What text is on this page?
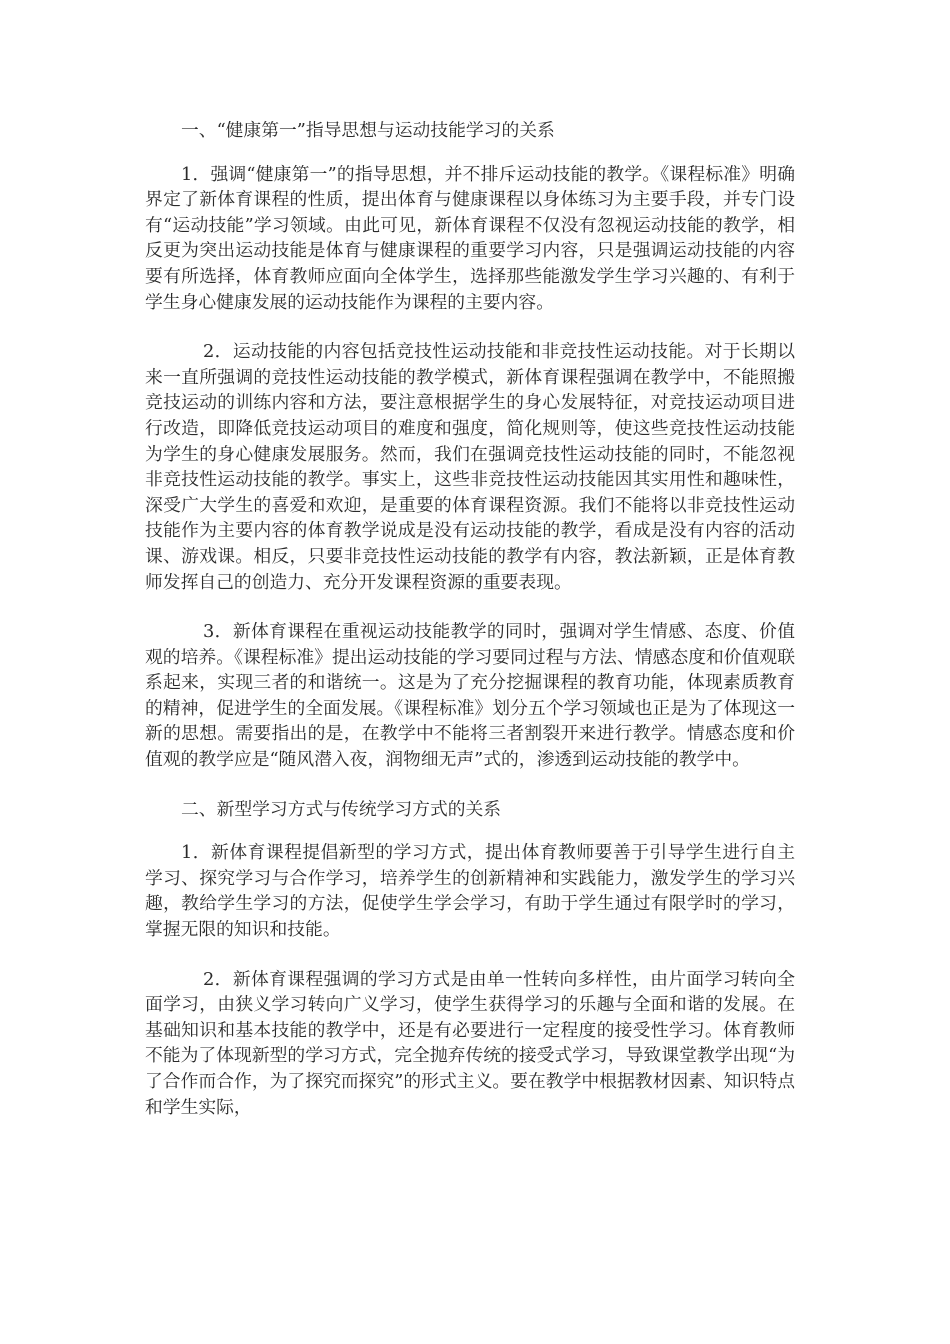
一、“健康第一”指导思想与运动技能学习的关系

1．强调“健康第一”的指导思想，并不排斥运动技能的教学。《课程标准》明确界定了新体育课程的性质，提出体育与健康课程以身体练习为主要手段，并专门设有“运动技能”学习领域。由此可见，新体育课程不仅没有忽视运动技能的教学，相反更为突出运动技能是体育与健康课程的重要学习内容，只是强调运动技能的内容要有所选择，体育教师应面向全体学生，选择那些能激发学生学习兴趣的、有利于学生身心健康发展的运动技能作为课程的主要内容。

2．运动技能的内容包括竞技性运动技能和非竞技性运动技能。对于长期以来一直所强调的竞技性运动技能的教学模式，新体育课程强调在教学中，不能照搬竞技运动的训练内容和方法，要注意根据学生的身心发展特征，对竞技运动项目进行改造，即降低竞技运动项目的难度和强度，简化规则等，使这些竞技性运动技能为学生的身心健康发展服务。然而，我们在强调竞技性运动技能的同时，不能忽视非竞技性运动技能的教学。事实上，这些非竞技性运动技能因其实用性和趣味性，深受广大学生的喜爱和欢迎，是重要的体育课程资源。我们不能将以非竞技性运动技能作为主要内容的体育教学说成是没有运动技能的教学，看成是没有内容的活动课、游戏课。相反，只要非竞技性运动技能的教学有内容，教法新颖，正是体育教师发挥自己的创造力、充分开发课程资源的重要表现。

3．新体育课程在重视运动技能教学的同时，强调对学生情感、态度、价值观的培养。《课程标准》提出运动技能的学习要同过程与方法、情感态度和价值观联系起来，实现三者的和谐统一。这是为了充分挖掘课程的教育功能，体现素质教育的精神，促进学生的全面发展。《课程标准》划分五个学习领域也正是为了体现这一新的思想。需要指出的是，在教学中不能将三者割裂开来进行教学。情感态度和价值观的教学应是“随风潜入夜，润物细无声”式的，渗透到运动技能的教学中。

二、新型学习方式与传统学习方式的关系

1．新体育课程提倡新型的学习方式，提出体育教师要善于引导学生进行自主学习、探究学习与合作学习，培养学生的创新精神和实践能力，激发学生的学习兴趣，教给学生学习的方法，促使学生学会学习，有助于学生通过有限学时的学习，掌握无限的知识和技能。

2．新体育课程强调的学习方式是由单一性转向多样性，由片面学习转向全面学习，由狭义学习转向广义学习，使学生获得学习的乐趣与全面和谐的发展。在基础知识和基本技能的教学中，还是有必要进行一定程度的接受性学习。体育教师不能为了体现新型的学习方式，完全抛弃传统的接受式学习，导致课堂教学出现“为了合作而合作，为了探究而探究”的形式主义。要在教学中根据教材因素、知识特点和学生实际，
